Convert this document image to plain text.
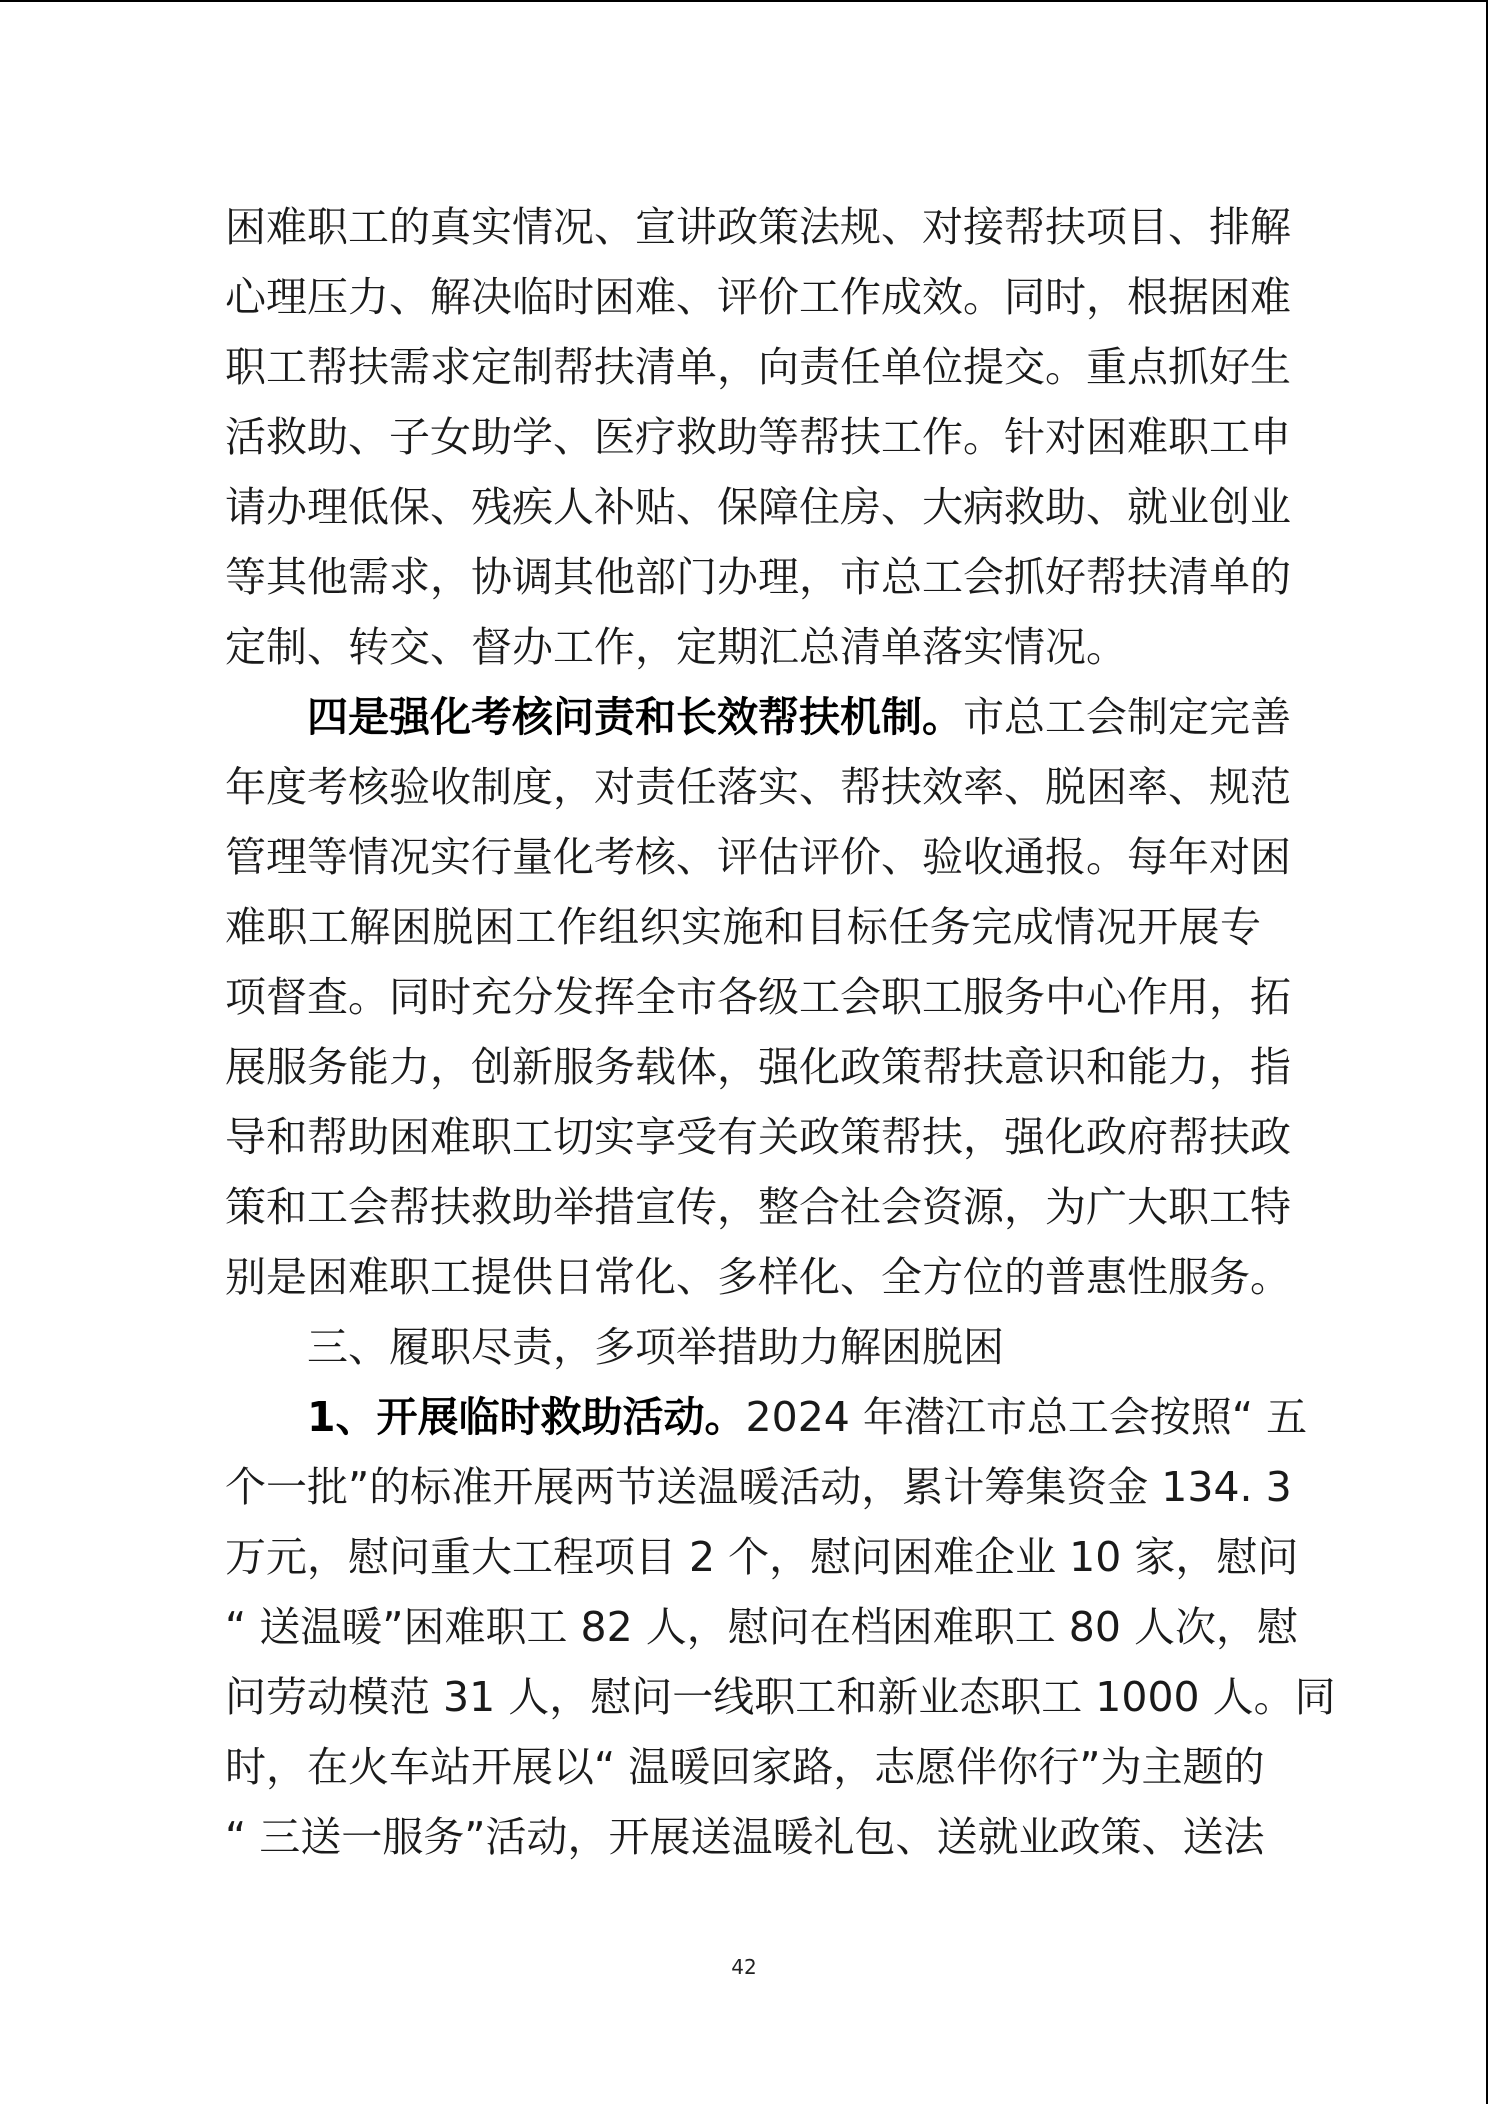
困难职工的真实情况、宣讲政策法规、对接帮扶项目、排解
心理压力、解决临时困难、评价工作成效。同时，根据困难
职工帮扶需求定制帮扶清单，向责任单位提交。重点抓好生
活救助、子女助学、医疗救助等帮扶工作。针对困难职工申
请办理低保、残疾人补贴、保障住房、大病救助、就业创业
等其他需求，协调其他部门办理，市总工会抓好帮扶清单的
定制、转交、督办工作，定期汇总清单落实情况。
四是强化考核问责和长效帮扶机制。市总工会制定完善
年度考核验收制度，对责任落实、帮扶效率、脱困率、规范
管理等情况实行量化考核、评估评价、验收通报。每年对困
难职工解困脱困工作组织实施和目标任务完成情况开展专
项督查。同时充分发挥全市各级工会职工服务中心作用，拓
展服务能力，创新服务载体，强化政策帮扶意识和能力，指
导和帮助困难职工切实享受有关政策帮扶，强化政府帮扶政
策和工会帮扶救助举措宣传，整合社会资源，为广大职工特
别是困难职工提供日常化、多样化、全方位的普惠性服务。
三、履职尽责，多项举措助力解困脱困
1、开展临时救助活动。2024 年潜江市总工会按照“ 五
个一批”的标准开展两节送温暖活动，累计筹集资金 134. 3
万元，慰问重大工程项目 2 个，慰问困难企业 10 家，慰问
“ 送温暖”困难职工 82 人，慰问在档困难职工 80 人次，慰
问劳动模范 31 人，慰问一线职工和新业态职工 1000 人。同
时，在火车站开展以“ 温暖回家路，志愿伴你行”为主题的
“ 三送一服务”活动，开展送温暖礼包、送就业政策、送法
42
